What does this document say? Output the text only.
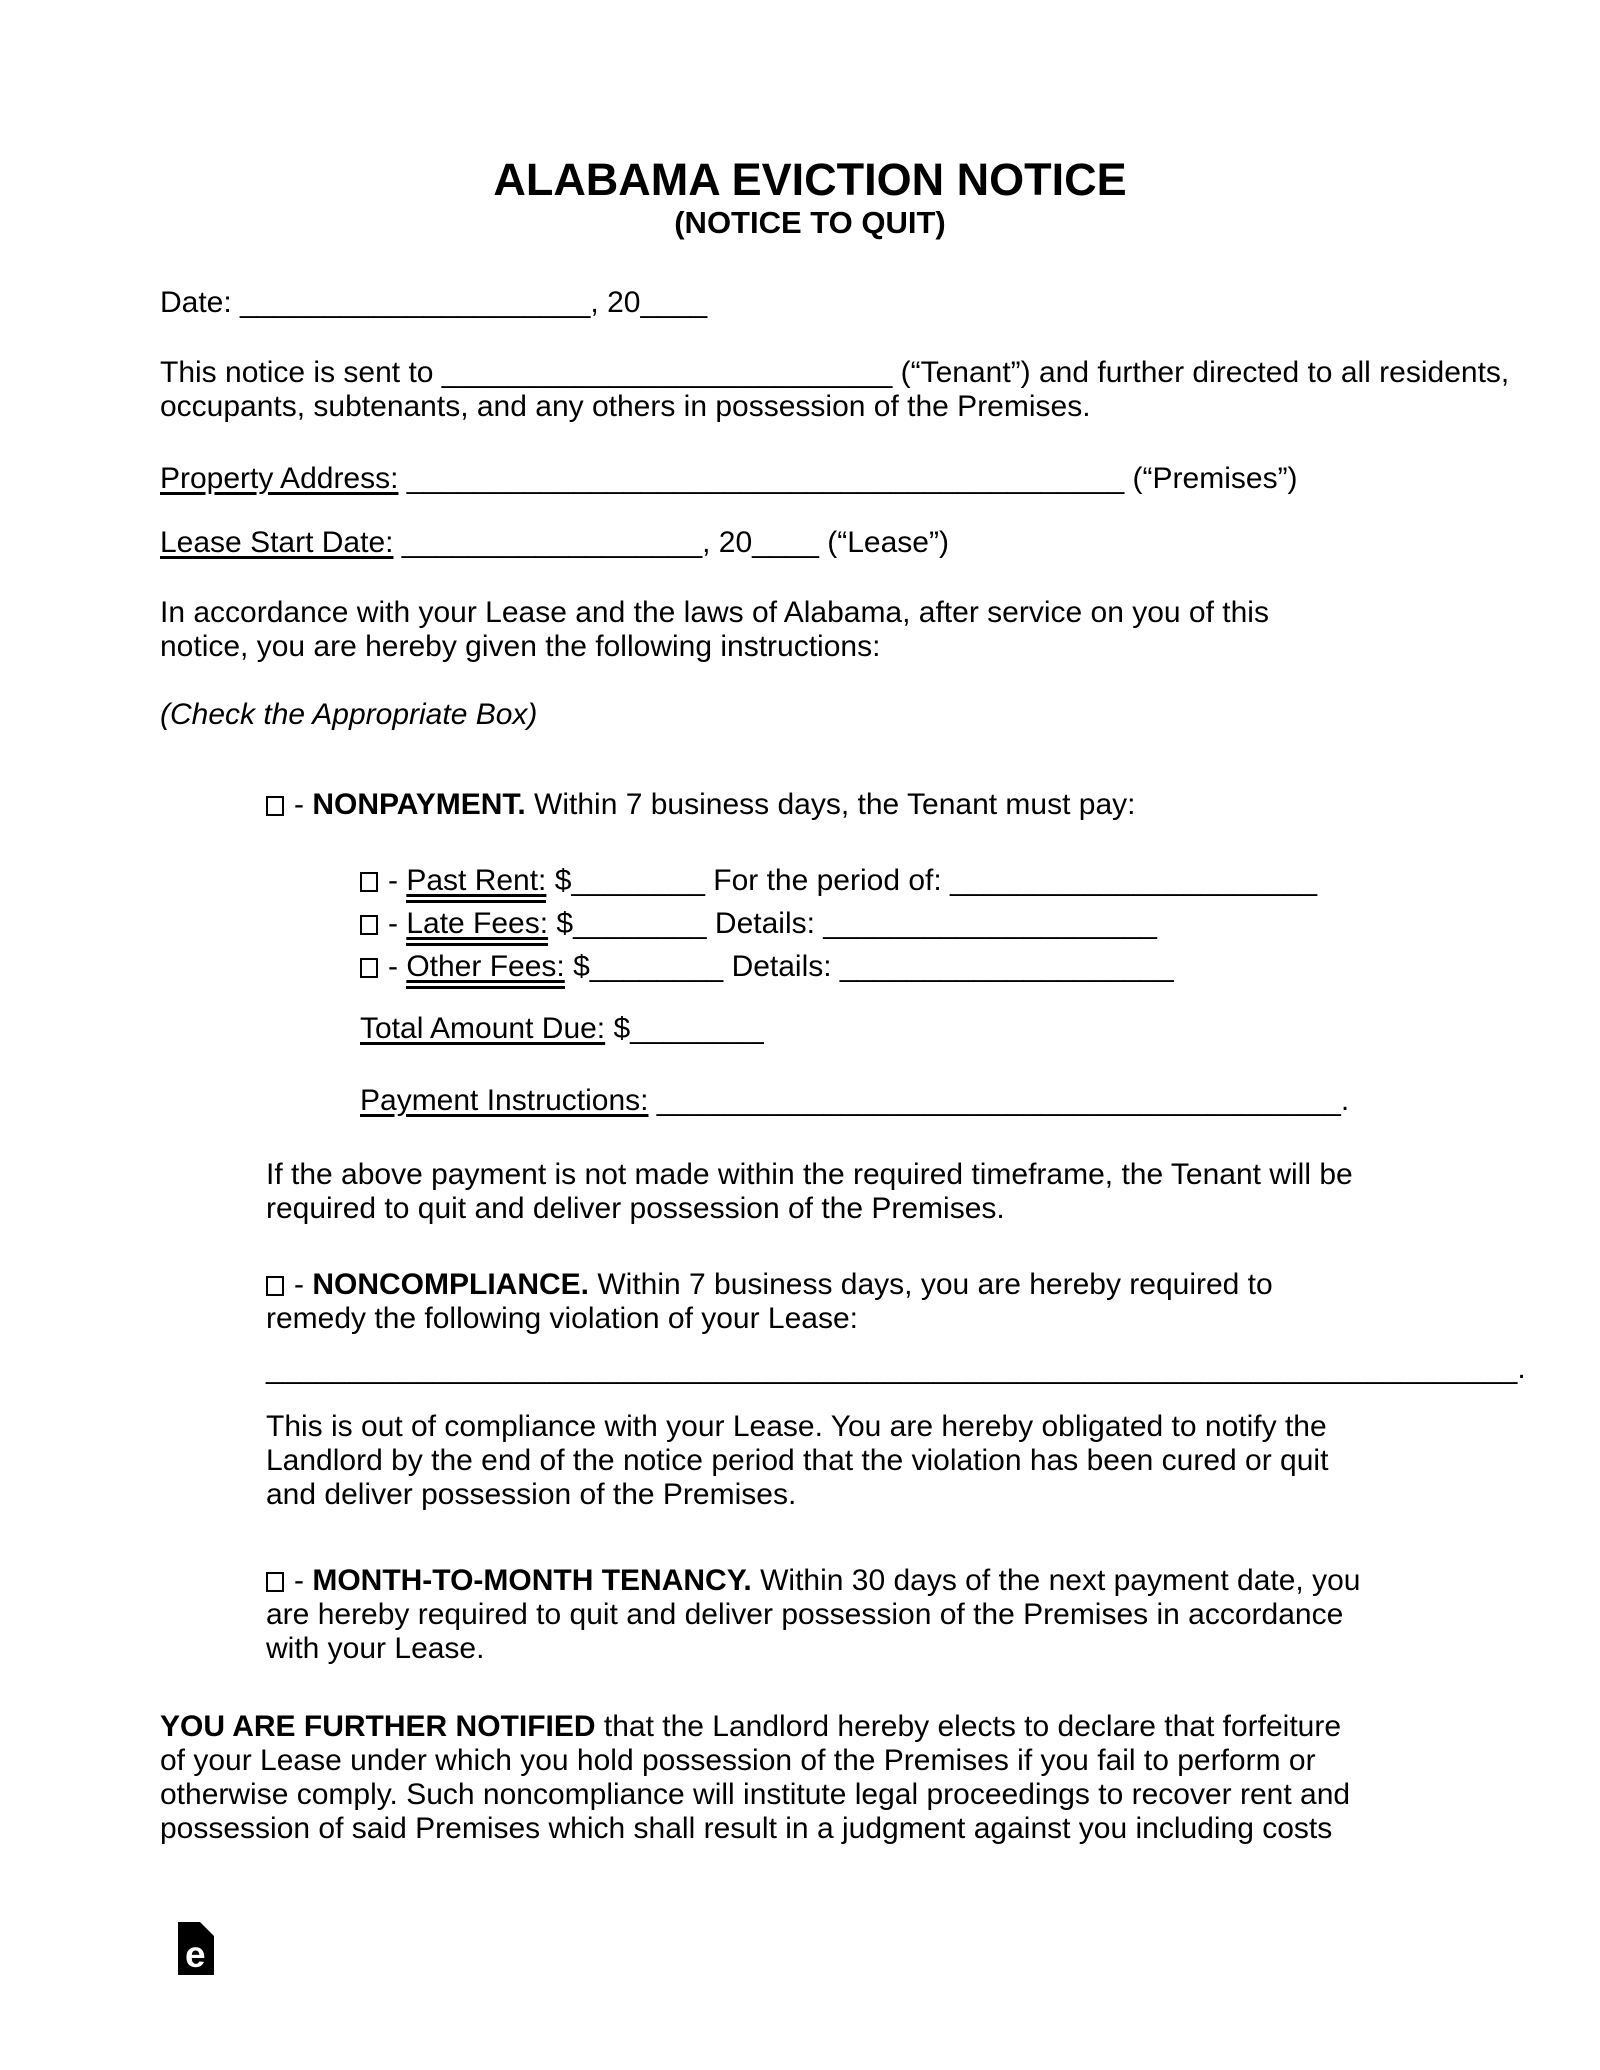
ALABAMA EVICTION NOTICE
(NOTICE TO QUIT)
Date: _____________________, 20____
This notice is sent to ___________________________ (“Tenant”) and further directed to all residents,
occupants, subtenants, and any others in possession of the Premises.
Property Address: ___________________________________________ (“Premises”)
Lease Start Date: __________________, 20____ (“Lease”)
In accordance with your Lease and the laws of Alabama, after service on you of this
notice, you are hereby given the following instructions:
(Check the Appropriate Box)
- NONPAYMENT. Within 7 business days, the Tenant must pay:
- Past Rent: $________ For the period of: ______________________
- Late Fees: $________ Details: ____________________
- Other Fees: $________ Details: ____________________
Total Amount Due: $________
Payment Instructions: _________________________________________.
If the above payment is not made within the required timeframe, the Tenant will be
required to quit and deliver possession of the Premises.
- NONCOMPLIANCE. Within 7 business days, you are hereby required to
remedy the following violation of your Lease:
___________________________________________________________________________.
This is out of compliance with your Lease. You are hereby obligated to notify the
Landlord by the end of the notice period that the violation has been cured or quit
and deliver possession of the Premises.
- MONTH-TO-MONTH TENANCY. Within 30 days of the next payment date, you
are hereby required to quit and deliver possession of the Premises in accordance
with your Lease.
YOU ARE FURTHER NOTIFIED that the Landlord hereby elects to declare that forfeiture
of your Lease under which you hold possession of the Premises if you fail to perform or
otherwise comply. Such noncompliance will institute legal proceedings to recover rent and
possession of said Premises which shall result in a judgment against you including costs
e
